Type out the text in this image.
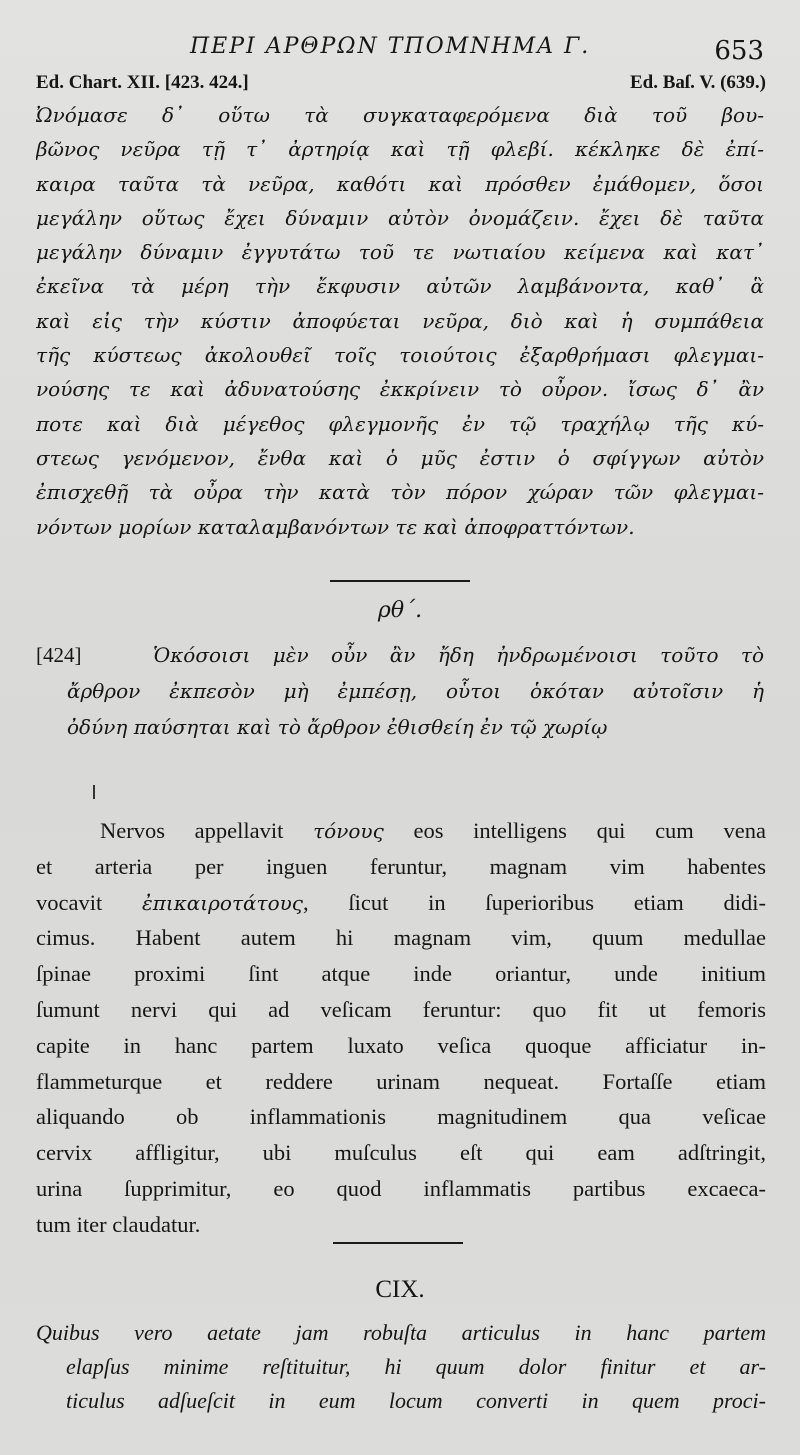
ΠΕΡΙ ΑΡΘΡΩΝ ΤΠΟΜΝΗΜΑ Γ.	653
Ed. Chart. XII. [423. 424.]	Ed. Baſ. V. (639.)
Ὠνόμασε δ᾽ οὕτω τὰ συγκαταφερόμενα διὰ τοῦ βου-
βῶνος νεῦρα τῇ τ᾽ ἀρτηρίᾳ καὶ τῇ φλεβί. κέκληκε δὲ ἐπί-
καιρα ταῦτα τὰ νεῦρα, καθότι καὶ πρόσθεν ἐμάθομεν, ὅσοι
μεγάλην οὕτως ἔχει δύναμιν αὐτὸν ὀνομάζειν. ἔχει δὲ ταῦτα
μεγάλην δύναμιν ἐγγυτάτω τοῦ τε νωτιαίου κείμενα καὶ κατ᾽
ἐκεῖνα τὰ μέρη τὴν ἔκφυσιν αὐτῶν λαμβάνοντα, καθ᾽ ἃ
καὶ εἰς τὴν κύστιν ἀποφύεται νεῦρα, διὸ καὶ ἡ συμπάθεια
τῆς κύστεως ἀκολουθεῖ τοῖς τοιούτοις ἐξαρθρήμασι φλεγμαι-
νούσης τε καὶ ἀδυνατούσης ἐκκρίνειν τὸ οὖρον. ἴσως δ᾽ ἂν
ποτε καὶ διὰ μέγεθος φλεγμονῆς ἐν τῷ τραχήλῳ τῆς κύ-
στεως γενόμενον, ἔνθα καὶ ὁ μῦς ἐστιν ὁ σφίγγων αὐτὸν
ἐπισχεθῇ τὰ οὖρα τὴν κατὰ τὸν πόρον χώραν τῶν φλεγμαι-
νόντων μορίων καταλαμβανόντων τε καὶ ἀποφραττόντων.
ρθ΄.
[424]	Ὁκόσοισι μὲν οὖν ἂν ἤδη ἠνδρωμένοισι τοῦτο τὸ
ἄρθρον ἐκπεσὸν μὴ ἐμπέσῃ, οὗτοι ὁκόταν αὐτοῖσιν ἡ
ὀδύνη παύσηται καὶ τὸ ἄρθρον ἐθισθείη ἐν τῷ χωρίῳ
Nervos appellavit τόνους eos intelligens qui cum vena
et arteria per inguen feruntur, magnam vim habentes
vocavit ἐπικαιροτάτους, ſicut in ſuperioribus etiam didi-
cimus. Habent autem hi magnam vim, quum medullae
ſpinae proximi ſint atque inde oriantur, unde initium
ſumunt nervi qui ad veſicam feruntur: quo fit ut femoris
capite in hanc partem luxato veſica quoque afficiatur in-
flammeturque et reddere urinam nequeat. Fortaſſe etiam
aliquando ob inflammationis magnitudinem qua veſicae
cervix affligitur, ubi muſculus eſt qui eam adſtringit,
urina ſupprimitur, eo quod inflammatis partibus excaeca-
tum iter claudatur.
CIX.
Quibus vero aetate jam robuſta articulus in hanc partem
elapſus minime reſtituitur, hi quum dolor finitur et ar-
ticulus adſueſcit in eum locum converti in quem proci-
